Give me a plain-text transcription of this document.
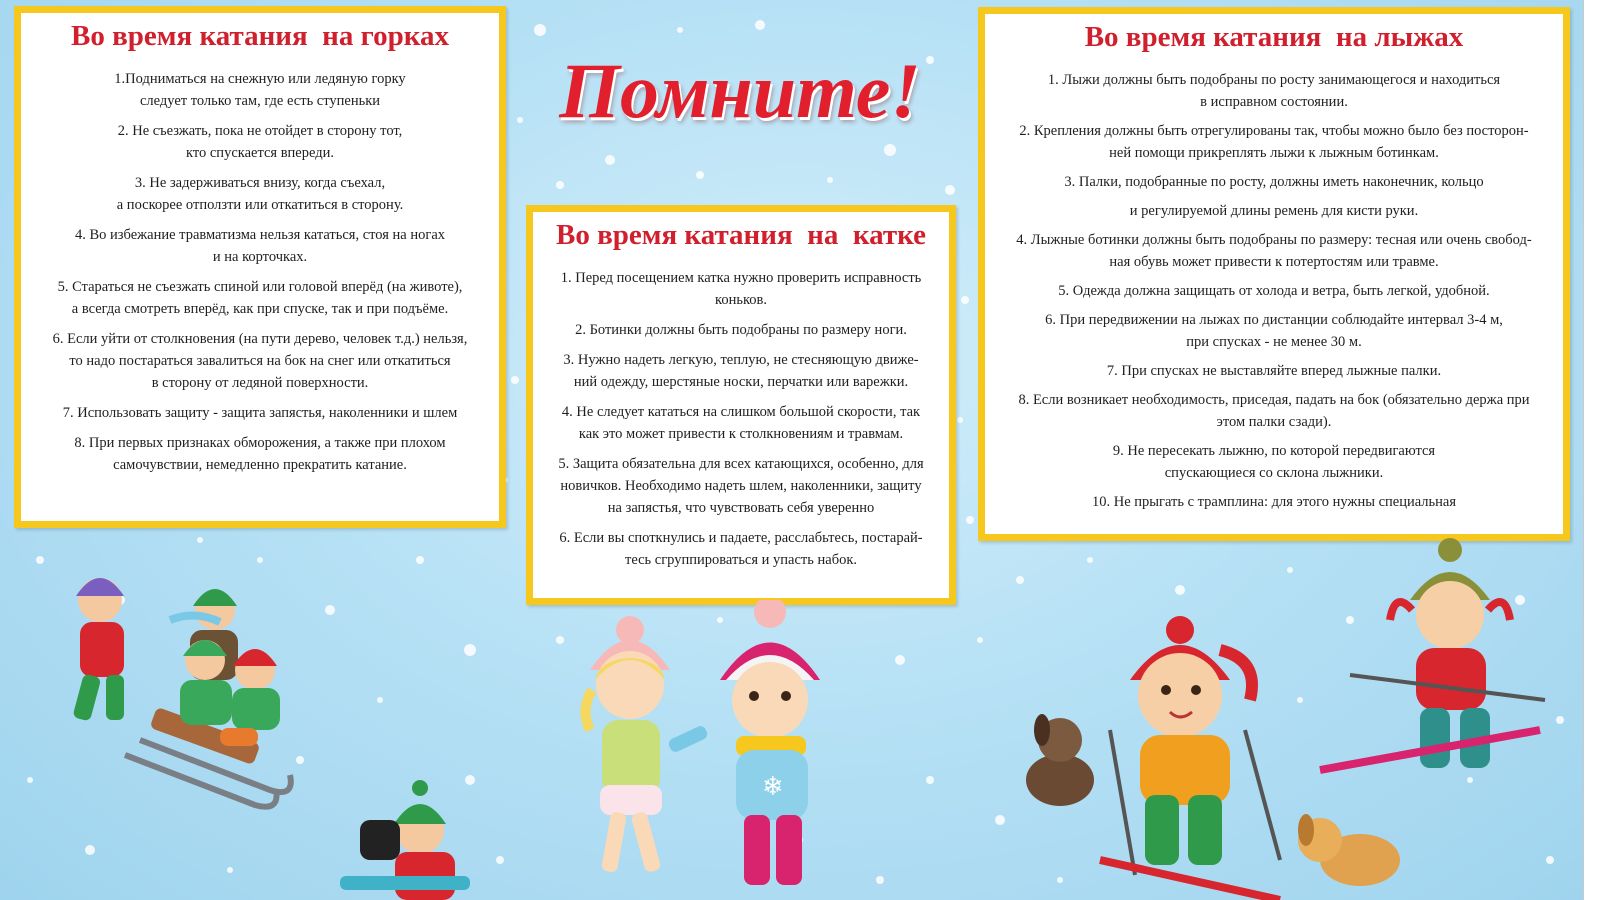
Во время катания  на горках
1.Подниматься на снежную или ледяную горку
следует только там, где есть ступеньки
2. Не съезжать, пока не отойдет в сторону тот,
кто спускается впереди.
3. Не задерживаться внизу, когда съехал,
а поскорее отползти или откатиться в сторону.
4. Во избежание травматизма нельзя кататься, стоя на ногах
и на корточках.
5. Стараться не съезжать спиной или головой вперёд (на животе),
а всегда смотреть вперёд, как при спуске, так и при подъёме.
6. Если уйти от столкновения (на пути дерево, человек т.д.) нельзя,
то надо постараться завалиться на бок на снег или откатиться
в сторону от ледяной поверхности.
7. Использовать защиту - защита запястья, наколенники и шлем
8. При первых признаках обморожения, а также при плохом
самочувствии, немедленно прекратить катание.
Помните!
Во время катания  на  катке
1. Перед посещением катка нужно проверить исправность
коньков.
2. Ботинки должны быть подобраны по размеру ноги.
3. Нужно надеть легкую, теплую, не стесняющую движе-
ний одежду, шерстяные носки, перчатки или варежки.
4. Не следует кататься на слишком большой скорости, так
как это может привести к столкновениям и травмам.
5. Защита обязательна для всех катающихся, особенно, для
новичков. Необходимо надеть шлем, наколенники, защиту
на запястья, что чувствовать себя уверенно
6. Если вы споткнулись и падаете, расслабьтесь, постарай-
тесь сгруппироваться и упасть набок.
Во время катания  на лыжах
1. Лыжи должны быть подобраны по росту занимающегося и находиться
в исправном состоянии.
2. Крепления должны быть отрегулированы так, чтобы можно было без посторон-
ней помощи прикреплять лыжи к лыжным ботинкам.
3. Палки, подобранные по росту, должны иметь наконечник, кольцо
и регулируемой длины ремень для кисти руки.
4. Лыжные ботинки должны быть подобраны по размеру: тесная или очень свобод-
ная обувь может привести к потертостям или травме.
5. Одежда должна защищать от холода и ветра, быть легкой, удобной.
6. При передвижении на лыжах по дистанции соблюдайте интервал 3-4 м,
при спусках - не менее 30 м.
7. При спусках не выставляйте вперед лыжные палки.
8. Если возникает необходимость, приседая, падать на бок (обязательно держа при
этом палки сзади).
9. Не пересекать лыжню, по которой передвигаются
спускающиеся со склона лыжники.
10. Не прыгать с трамплина: для этого нужны специальная
❄
